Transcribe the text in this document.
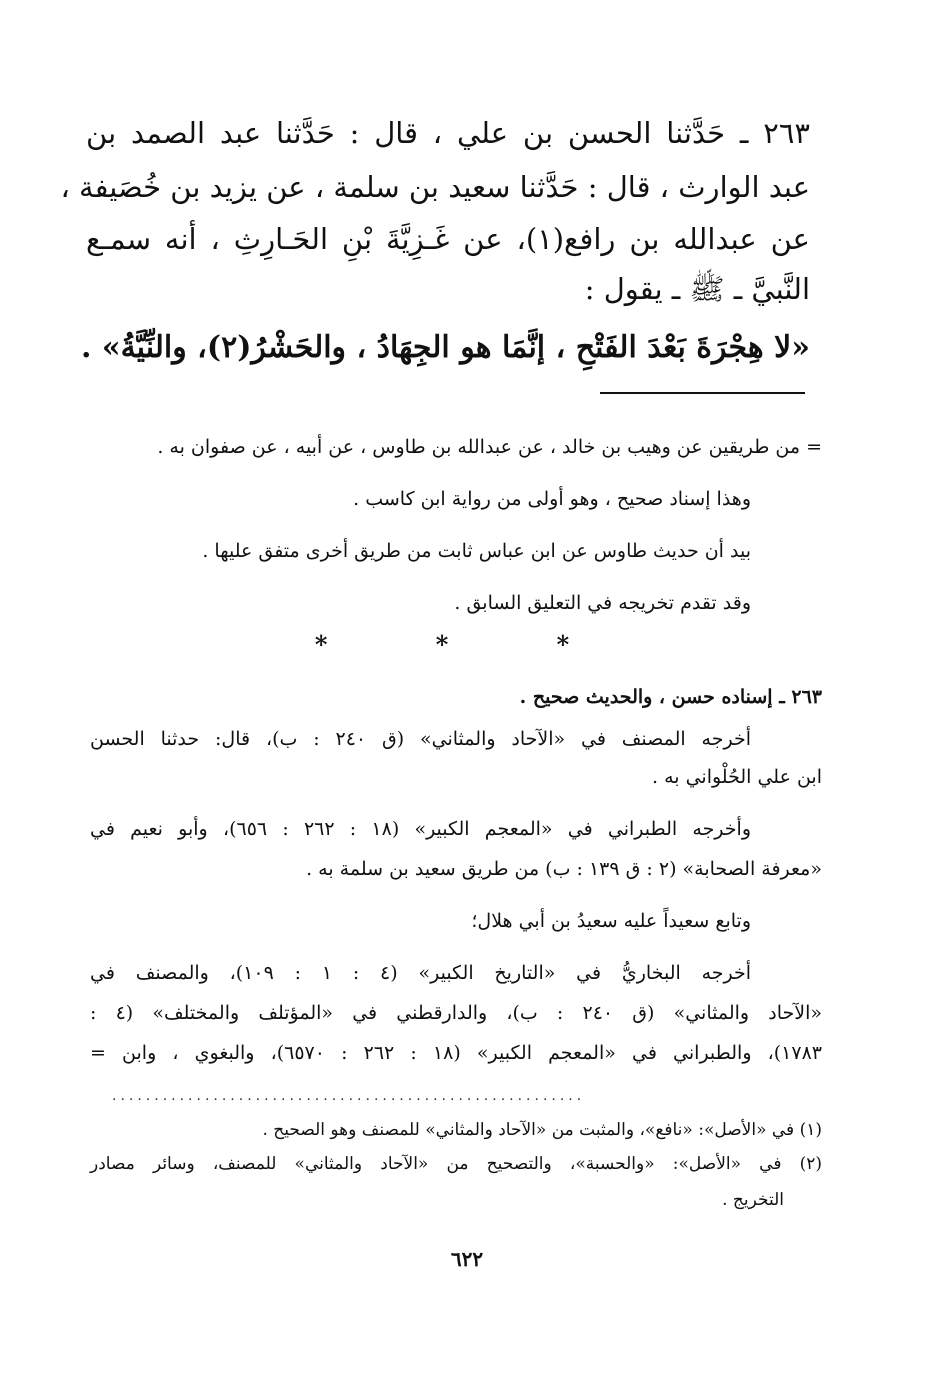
٢٦٣ ـ حَدَّثنا الحسن بن علي ، قال : حَدَّثنا عبد الصمد بن
عبد الوارث ، قال : حَدَّثنا سعيد بن سلمة ، عن يزيد بن خُصَيفة ،
عن عبدالله بن رافع(١)، عن غَـزِيَّةَ بْنِ الحَـارِثِ ، أنه سمـع
النَّبيَّ ـ ﷺ ـ يقول :
«لا هِجْرَةَ بَعْدَ الفَتْحِ ، إنَّمَا هو الجِهَادُ ، والحَشْرُ(٢)، والنِّيَّةُ» .
= من طريقين عن وهيب بن خالد ، عن عبدالله بن طاوس ، عن أبيه ، عن صفوان به .
وهذا إسناد صحيح ، وهو أولى من رواية ابن كاسب .
بيد أن حديث طاوس عن ابن عباس ثابت من طريق أخرى متفق عليها .
وقد تقدم تخريجه في التعليق السابق .
* * *
٢٦٣ ـ إسناده حسن ، والحديث صحيح .
أخرجه المصنف في «الآحاد والمثاني» (ق ٢٤٠ : ب)، قال: حدثنا الحسن
ابن علي الحُلْواني به .
وأخرجه الطبراني في «المعجم الكبير» (١٨ : ٢٦٢ : ٦٥٦)، وأبو نعيم في
«معرفة الصحابة» (٢ : ق ١٣٩ : ب) من طريق سعيد بن سلمة به .
وتابع سعيداً عليه سعيدُ بن أبي هلال؛
أخرجه البخاريُّ في «التاريخ الكبير» (٤ : ١ : ١٠٩)، والمصنف في
«الآحاد والمثاني» (ق ٢٤٠ : ب)، والدارقطني في «المؤتلف والمختلف» (٤ :
١٧٨٣)، والطبراني في «المعجم الكبير» (١٨ : ٢٦٢ : ٦٥٧٠)، والبغوي ، وابن =
........................................................
(١) في «الأصل»: «نافع»، والمثبت من «الآحاد والمثاني» للمصنف وهو الصحيح .
(٢) في «الأصل»: «والحسبة»، والتصحيح من «الآحاد والمثاني» للمصنف، وسائر مصادر
التخريج .
٦٢٢
